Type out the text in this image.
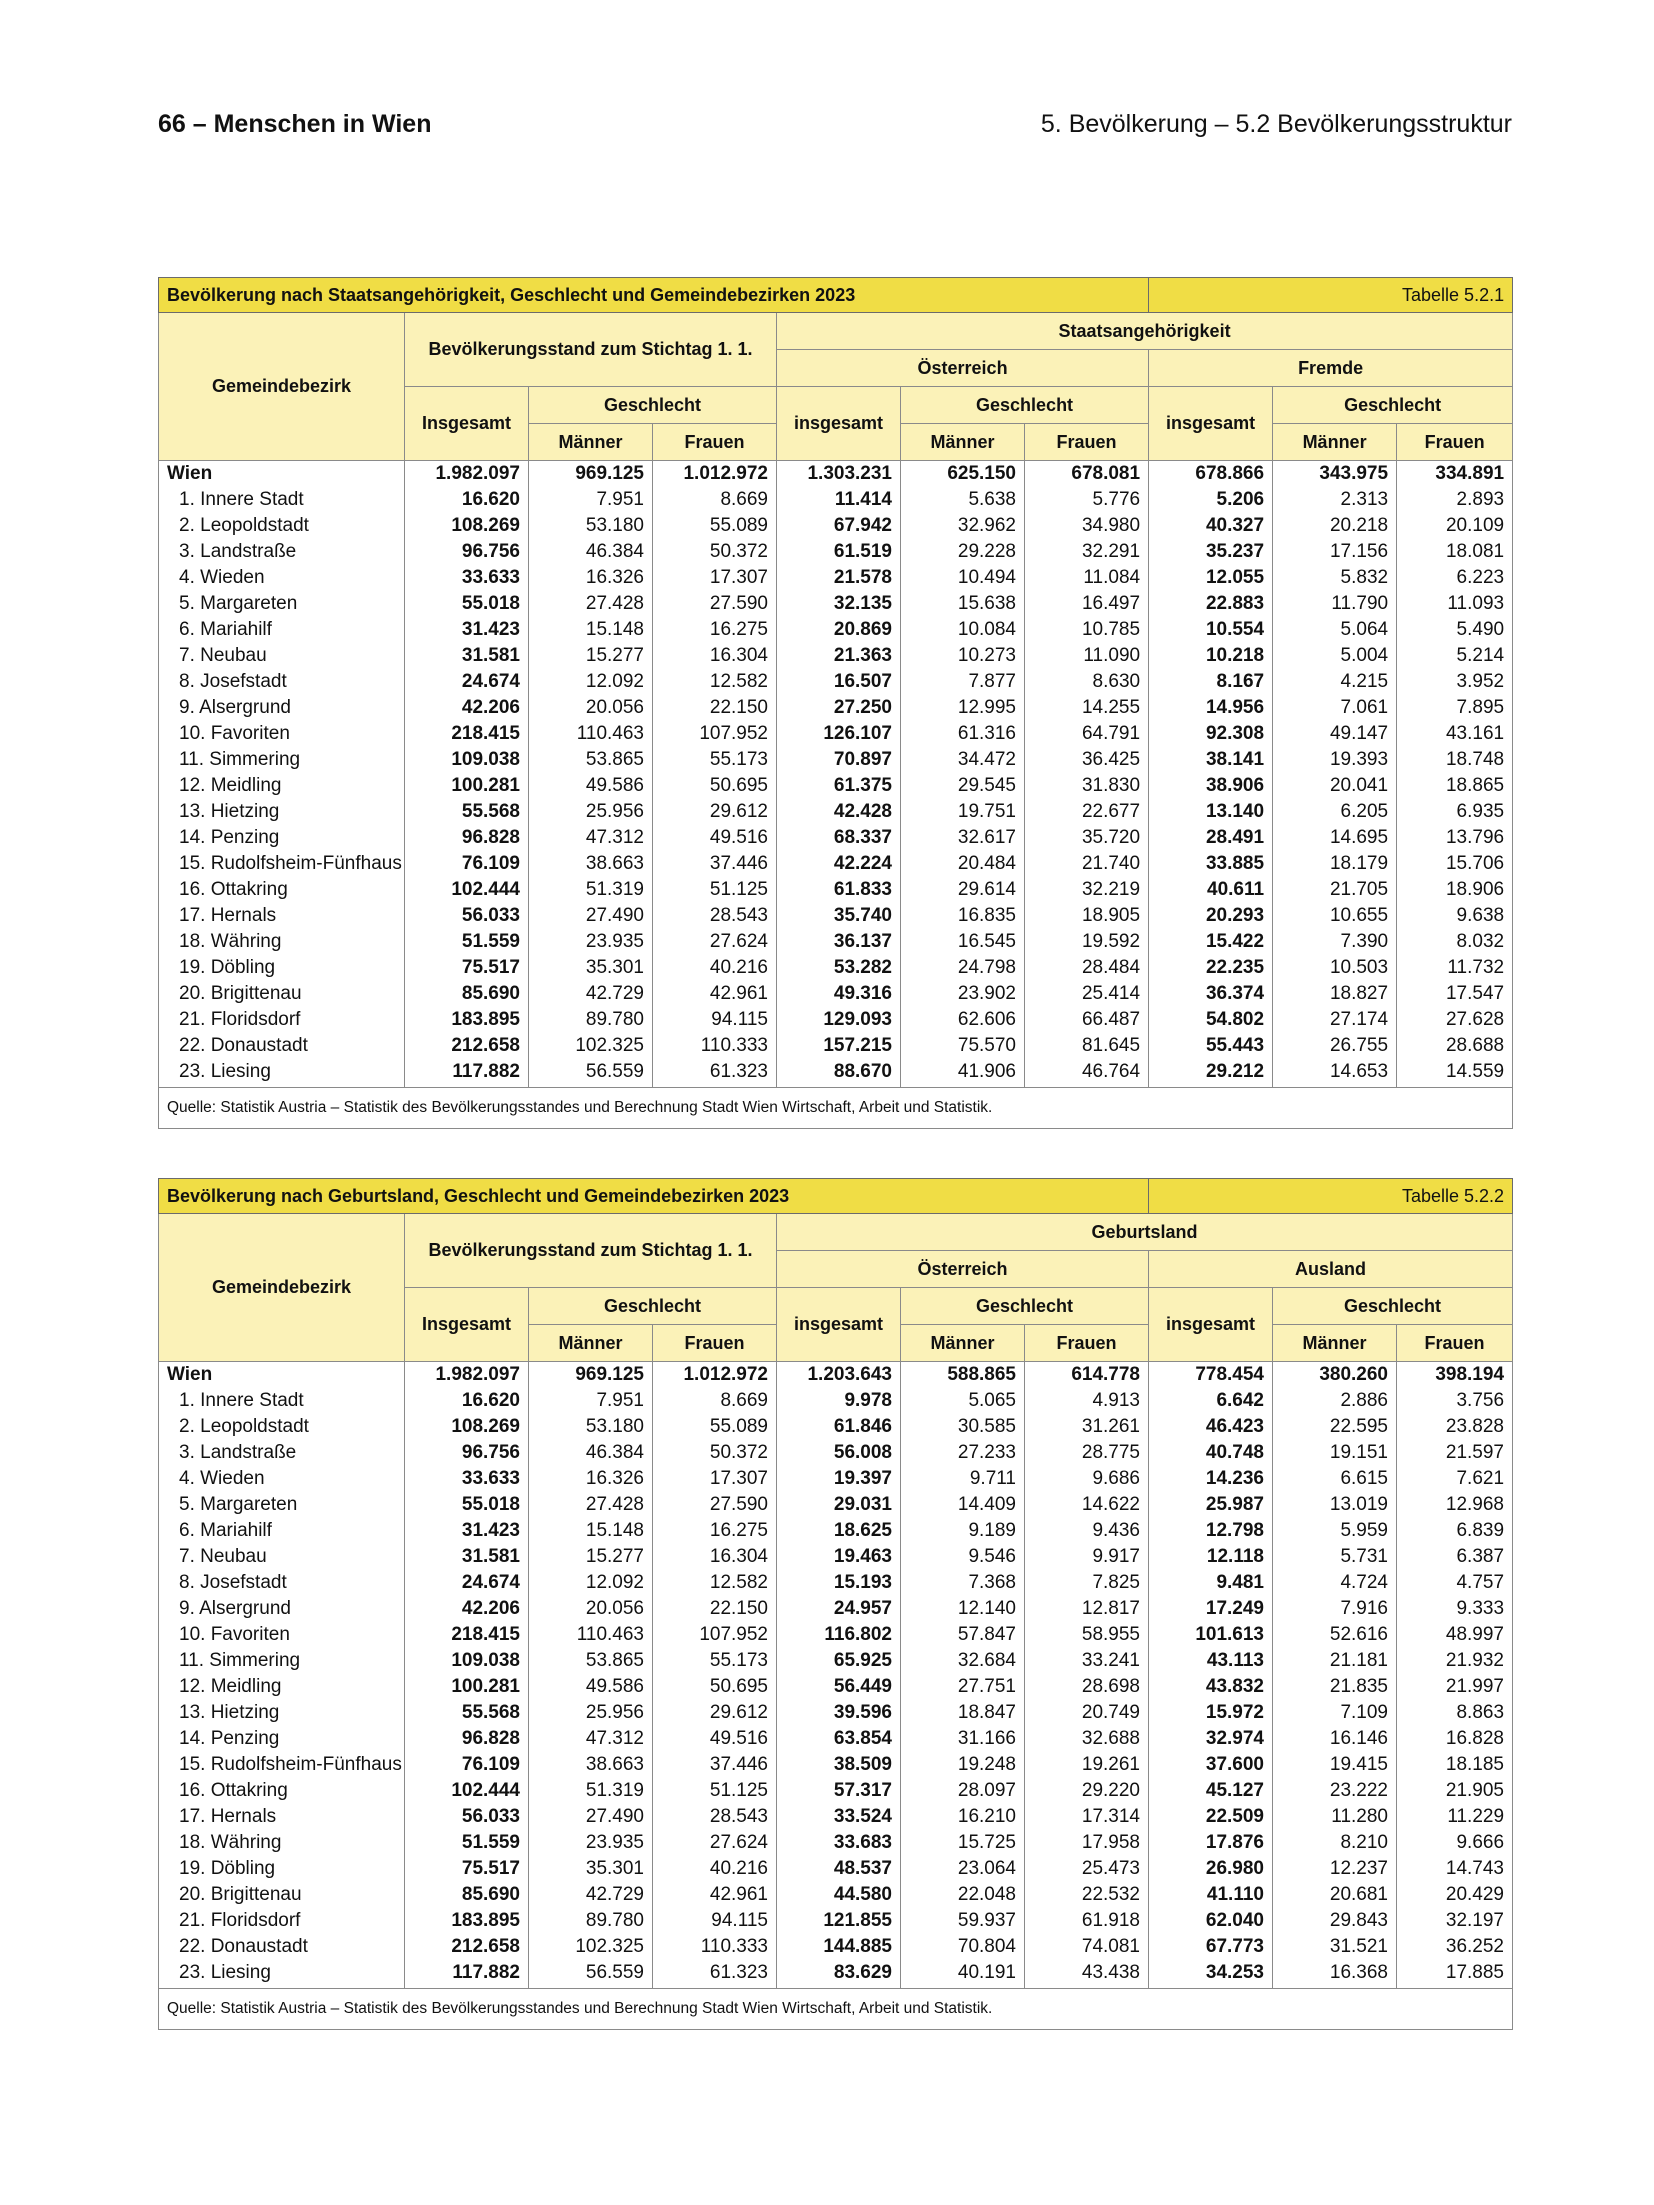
66 – Menschen in Wien	5. Bevölkerung – 5.2 Bevölkerungsstruktur
Bevölkerung nach Staatsangehörigkeit, Geschlecht und Gemeindebezirken 2023							Tabelle 5.2.1		
Gemeindebezirk	Bevölkerungsstand zum Stichtag 1. 1.			Staatsangehörigkeit					
				Österreich			Fremde		
	Insgesamt	Geschlecht		insgesamt	Geschlecht		insgesamt	Geschlecht	
		Männer	Frauen		Männer	Frauen		Männer	Frauen
Wien	1.982.097	969.125	1.012.972	1.303.231	625.150	678.081	678.866	343.975	334.891
1. Innere Stadt	16.620	7.951	8.669	11.414	5.638	5.776	5.206	2.313	2.893
2. Leopoldstadt	108.269	53.180	55.089	67.942	32.962	34.980	40.327	20.218	20.109
3. Landstraße	96.756	46.384	50.372	61.519	29.228	32.291	35.237	17.156	18.081
4. Wieden	33.633	16.326	17.307	21.578	10.494	11.084	12.055	5.832	6.223
5. Margareten	55.018	27.428	27.590	32.135	15.638	16.497	22.883	11.790	11.093
6. Mariahilf	31.423	15.148	16.275	20.869	10.084	10.785	10.554	5.064	5.490
7. Neubau	31.581	15.277	16.304	21.363	10.273	11.090	10.218	5.004	5.214
8. Josefstadt	24.674	12.092	12.582	16.507	7.877	8.630	8.167	4.215	3.952
9. Alsergrund	42.206	20.056	22.150	27.250	12.995	14.255	14.956	7.061	7.895
10. Favoriten	218.415	110.463	107.952	126.107	61.316	64.791	92.308	49.147	43.161
11. Simmering	109.038	53.865	55.173	70.897	34.472	36.425	38.141	19.393	18.748
12. Meidling	100.281	49.586	50.695	61.375	29.545	31.830	38.906	20.041	18.865
13. Hietzing	55.568	25.956	29.612	42.428	19.751	22.677	13.140	6.205	6.935
14. Penzing	96.828	47.312	49.516	68.337	32.617	35.720	28.491	14.695	13.796
15. Rudolfsheim-Fünfhaus	76.109	38.663	37.446	42.224	20.484	21.740	33.885	18.179	15.706
16. Ottakring	102.444	51.319	51.125	61.833	29.614	32.219	40.611	21.705	18.906
17. Hernals	56.033	27.490	28.543	35.740	16.835	18.905	20.293	10.655	9.638
18. Währing	51.559	23.935	27.624	36.137	16.545	19.592	15.422	7.390	8.032
19. Döbling	75.517	35.301	40.216	53.282	24.798	28.484	22.235	10.503	11.732
20. Brigittenau	85.690	42.729	42.961	49.316	23.902	25.414	36.374	18.827	17.547
21. Floridsdorf	183.895	89.780	94.115	129.093	62.606	66.487	54.802	27.174	27.628
22. Donaustadt	212.658	102.325	110.333	157.215	75.570	81.645	55.443	26.755	28.688
23. Liesing	117.882	56.559	61.323	88.670	41.906	46.764	29.212	14.653	14.559
Quelle: Statistik Austria – Statistik des Bevölkerungsstandes und Berechnung Stadt Wien Wirtschaft, Arbeit und Statistik.									
Bevölkerung nach Geburtsland, Geschlecht und Gemeindebezirken 2023							Tabelle 5.2.2		
Gemeindebezirk	Bevölkerungsstand zum Stichtag 1. 1.			Geburtsland					
				Österreich			Ausland		
	Insgesamt	Geschlecht		insgesamt	Geschlecht		insgesamt	Geschlecht	
		Männer	Frauen		Männer	Frauen		Männer	Frauen
Wien	1.982.097	969.125	1.012.972	1.203.643	588.865	614.778	778.454	380.260	398.194
1. Innere Stadt	16.620	7.951	8.669	9.978	5.065	4.913	6.642	2.886	3.756
2. Leopoldstadt	108.269	53.180	55.089	61.846	30.585	31.261	46.423	22.595	23.828
3. Landstraße	96.756	46.384	50.372	56.008	27.233	28.775	40.748	19.151	21.597
4. Wieden	33.633	16.326	17.307	19.397	9.711	9.686	14.236	6.615	7.621
5. Margareten	55.018	27.428	27.590	29.031	14.409	14.622	25.987	13.019	12.968
6. Mariahilf	31.423	15.148	16.275	18.625	9.189	9.436	12.798	5.959	6.839
7. Neubau	31.581	15.277	16.304	19.463	9.546	9.917	12.118	5.731	6.387
8. Josefstadt	24.674	12.092	12.582	15.193	7.368	7.825	9.481	4.724	4.757
9. Alsergrund	42.206	20.056	22.150	24.957	12.140	12.817	17.249	7.916	9.333
10. Favoriten	218.415	110.463	107.952	116.802	57.847	58.955	101.613	52.616	48.997
11. Simmering	109.038	53.865	55.173	65.925	32.684	33.241	43.113	21.181	21.932
12. Meidling	100.281	49.586	50.695	56.449	27.751	28.698	43.832	21.835	21.997
13. Hietzing	55.568	25.956	29.612	39.596	18.847	20.749	15.972	7.109	8.863
14. Penzing	96.828	47.312	49.516	63.854	31.166	32.688	32.974	16.146	16.828
15. Rudolfsheim-Fünfhaus	76.109	38.663	37.446	38.509	19.248	19.261	37.600	19.415	18.185
16. Ottakring	102.444	51.319	51.125	57.317	28.097	29.220	45.127	23.222	21.905
17. Hernals	56.033	27.490	28.543	33.524	16.210	17.314	22.509	11.280	11.229
18. Währing	51.559	23.935	27.624	33.683	15.725	17.958	17.876	8.210	9.666
19. Döbling	75.517	35.301	40.216	48.537	23.064	25.473	26.980	12.237	14.743
20. Brigittenau	85.690	42.729	42.961	44.580	22.048	22.532	41.110	20.681	20.429
21. Floridsdorf	183.895	89.780	94.115	121.855	59.937	61.918	62.040	29.843	32.197
22. Donaustadt	212.658	102.325	110.333	144.885	70.804	74.081	67.773	31.521	36.252
23. Liesing	117.882	56.559	61.323	83.629	40.191	43.438	34.253	16.368	17.885
Quelle: Statistik Austria – Statistik des Bevölkerungsstandes und Berechnung Stadt Wien Wirtschaft, Arbeit und Statistik.									
